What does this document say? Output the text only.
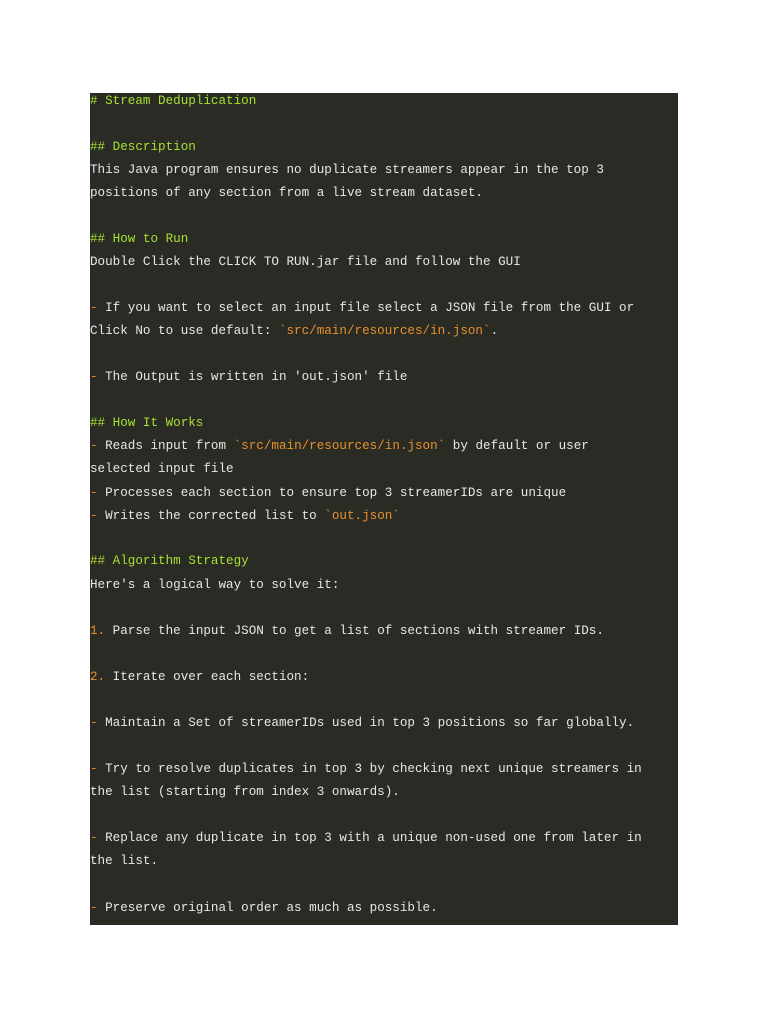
# Stream Deduplication
## Description
This Java program ensures no duplicate streamers appear in the top 3
positions of any section from a live stream dataset.
## How to Run
Double Click the CLICK TO RUN.jar file and follow the GUI
- If you want to select an input file select a JSON file from the GUI or
Click No to use default: `src/main/resources/in.json`.
- The Output is written in 'out.json' file
## How It Works
- Reads input from `src/main/resources/in.json` by default or user
selected input file
- Processes each section to ensure top 3 streamerIDs are unique
- Writes the corrected list to `out.json`
## Algorithm Strategy
Here's a logical way to solve it:
1. Parse the input JSON to get a list of sections with streamer IDs.
2. Iterate over each section:
- Maintain a Set of streamerIDs used in top 3 positions so far globally.
- Try to resolve duplicates in top 3 by checking next unique streamers in
the list (starting from index 3 onwards).
- Replace any duplicate in top 3 with a unique non-used one from later in
the list.
- Preserve original order as much as possible.
